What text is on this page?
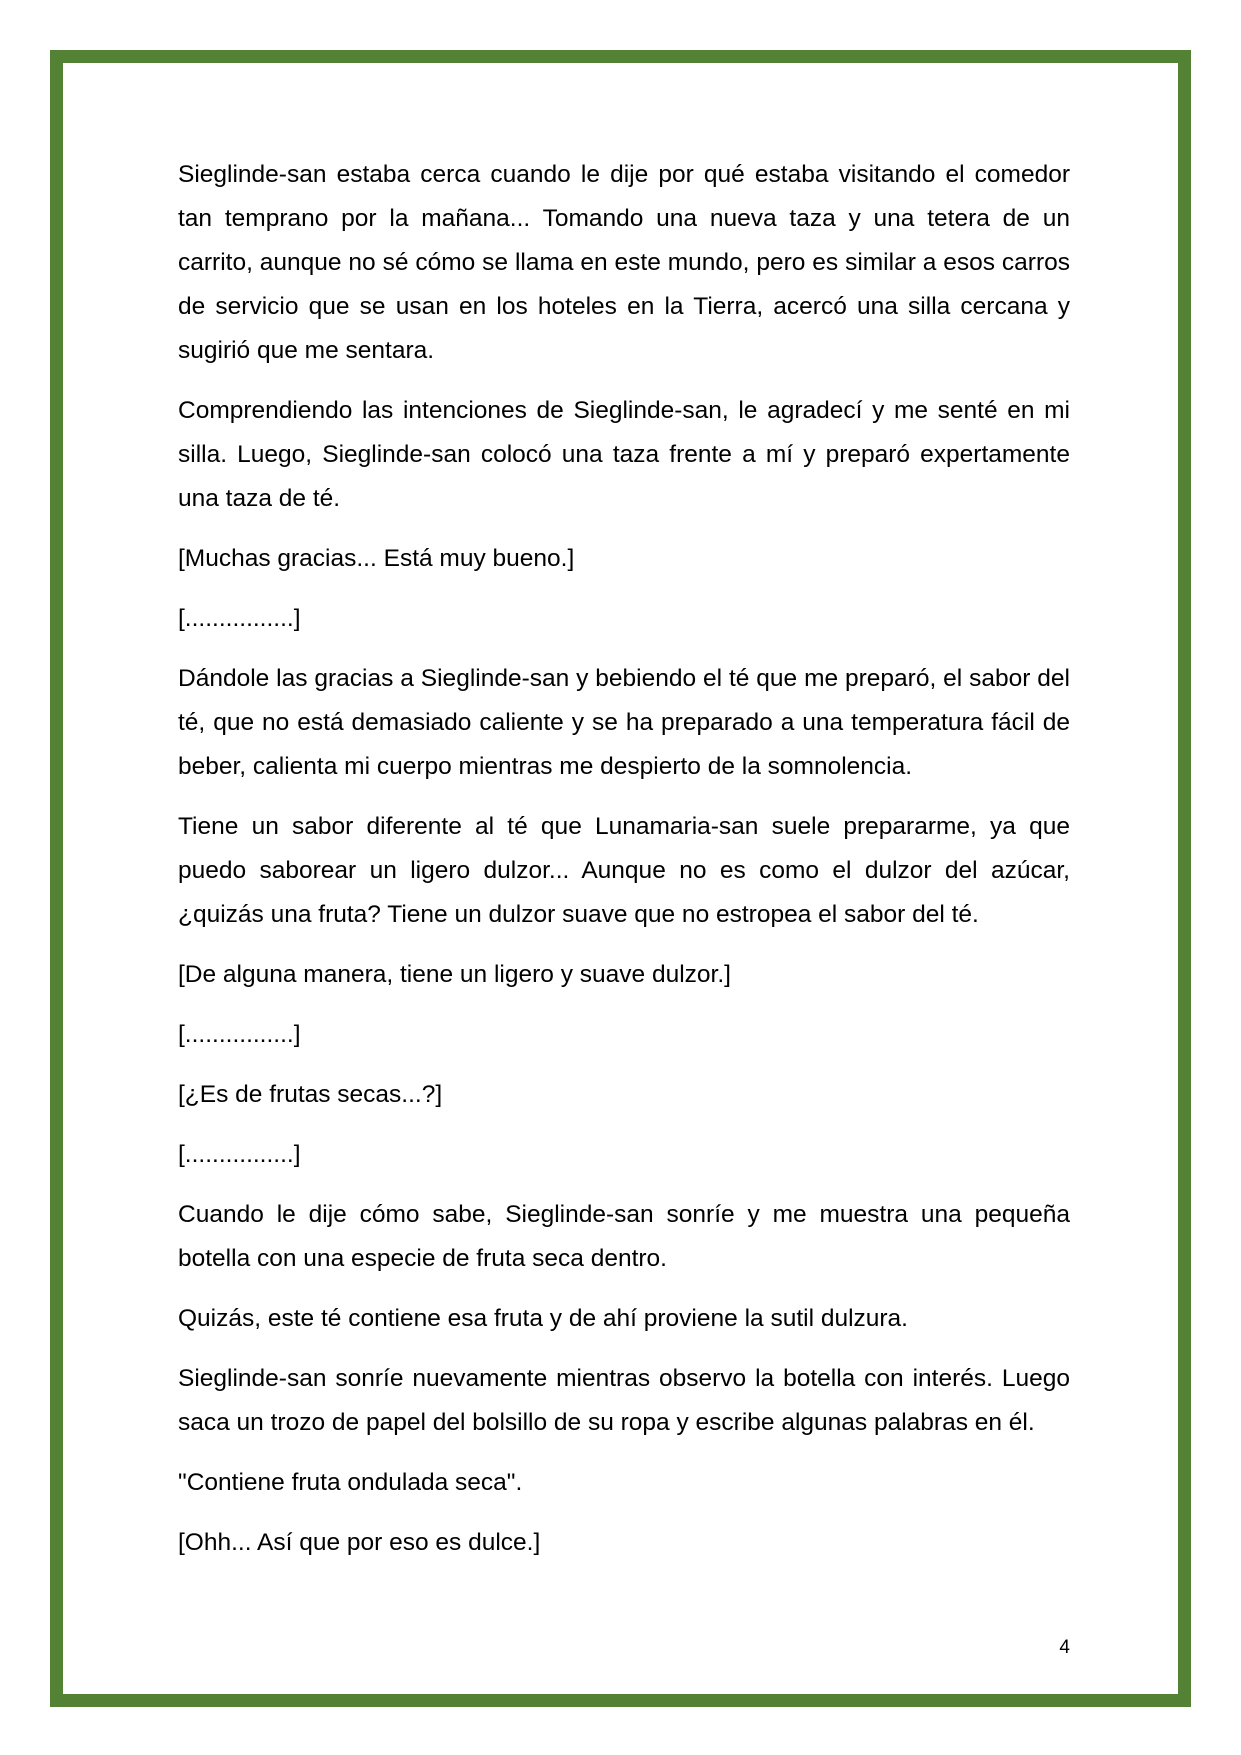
Sieglinde-san estaba cerca cuando le dije por qué estaba visitando el comedor tan temprano por la mañana... Tomando una nueva taza y una tetera de un carrito, aunque no sé cómo se llama en este mundo, pero es similar a esos carros de servicio que se usan en los hoteles en la Tierra, acercó una silla cercana y sugirió que me sentara.

Comprendiendo las intenciones de Sieglinde-san, le agradecí y me senté en mi silla. Luego, Sieglinde-san colocó una taza frente a mí y preparó expertamente una taza de té.

[Muchas gracias... Está muy bueno.]

[................]

Dándole las gracias a Sieglinde-san y bebiendo el té que me preparó, el sabor del té, que no está demasiado caliente y se ha preparado a una temperatura fácil de beber, calienta mi cuerpo mientras me despierto de la somnolencia.

Tiene un sabor diferente al té que Lunamaria-san suele prepararme, ya que puedo saborear un ligero dulzor... Aunque no es como el dulzor del azúcar, ¿quizás una fruta? Tiene un dulzor suave que no estropea el sabor del té.

[De alguna manera, tiene un ligero y suave dulzor.]

[................]

[¿Es de frutas secas...?]

[................]

Cuando le dije cómo sabe, Sieglinde-san sonríe y me muestra una pequeña botella con una especie de fruta seca dentro.

Quizás, este té contiene esa fruta y de ahí proviene la sutil dulzura.

Sieglinde-san sonríe nuevamente mientras observo la botella con interés. Luego saca un trozo de papel del bolsillo de su ropa y escribe algunas palabras en él.

"Contiene fruta ondulada seca".

[Ohh... Así que por eso es dulce.]

4
